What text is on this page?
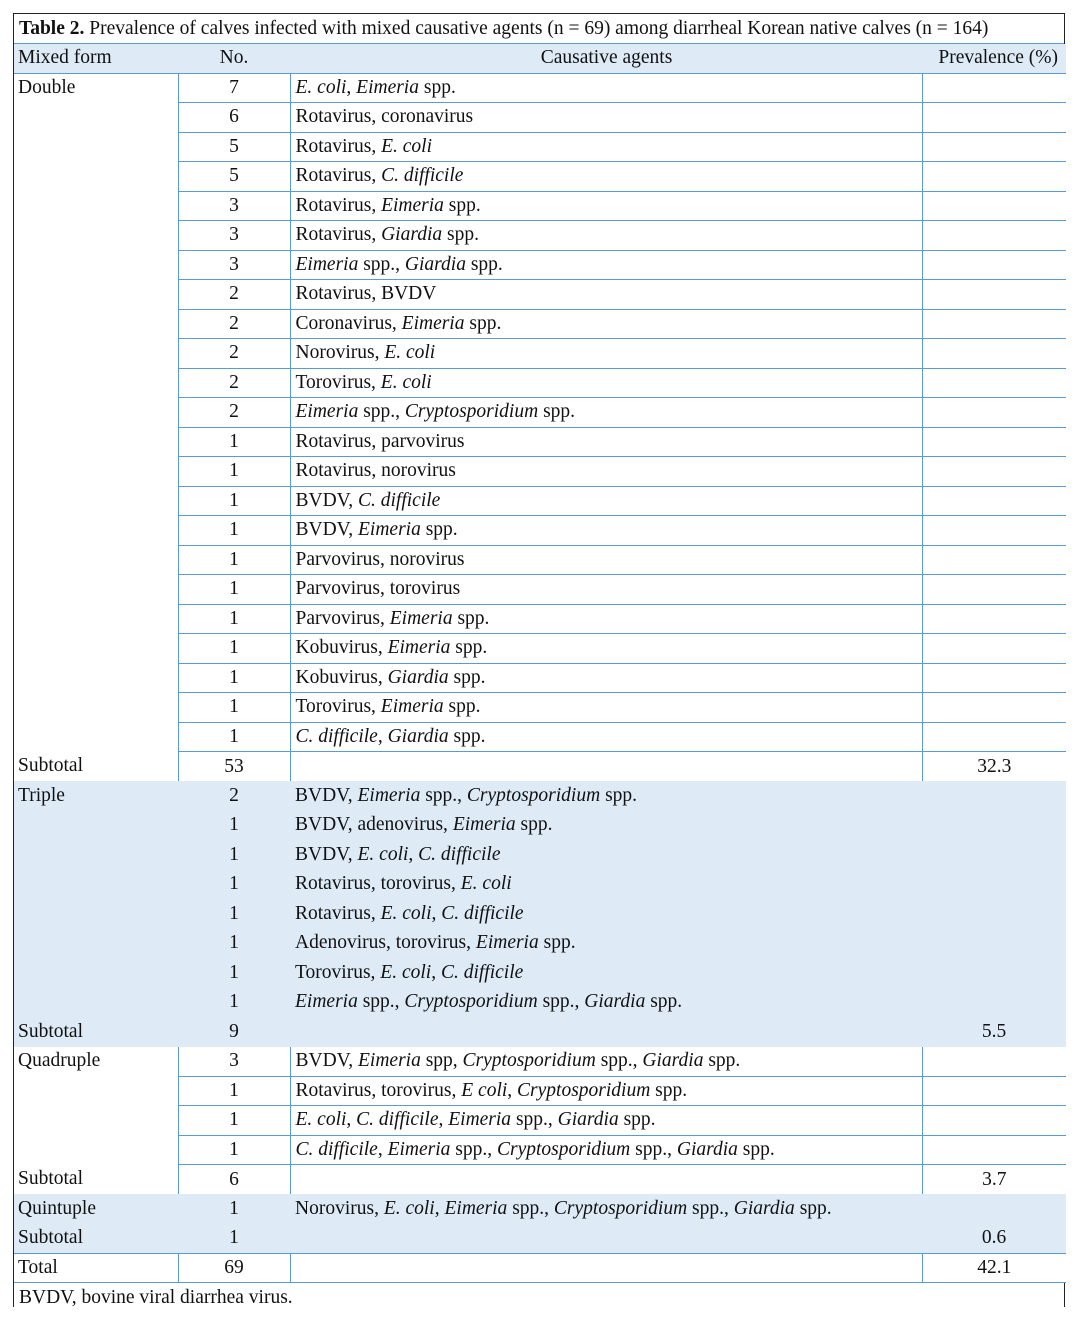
Table 2. Prevalence of calves infected with mixed causative agents (n = 69) among diarrheal Korean native calves (n = 164)
Mixed form	No.	Causative agents	Prevalence (%)
Double	7	E. coli, Eimeria spp.	
	6	Rotavirus, coronavirus	
	5	Rotavirus, E. coli	
	5	Rotavirus, C. difficile	
	3	Rotavirus, Eimeria spp.	
	3	Rotavirus, Giardia spp.	
	3	Eimeria spp., Giardia spp.	
	2	Rotavirus, BVDV	
	2	Coronavirus, Eimeria spp.	
	2	Norovirus, E. coli	
	2	Torovirus, E. coli	
	2	Eimeria spp., Cryptosporidium spp.	
	1	Rotavirus, parvovirus	
	1	Rotavirus, norovirus	
	1	BVDV, C. difficile	
	1	BVDV, Eimeria spp.	
	1	Parvovirus, norovirus	
	1	Parvovirus, torovirus	
	1	Parvovirus, Eimeria spp.	
	1	Kobuvirus, Eimeria spp.	
	1	Kobuvirus, Giardia spp.	
	1	Torovirus, Eimeria spp.	
	1	C. difficile, Giardia spp.	
Subtotal	53		32.3
Triple	2	BVDV, Eimeria spp., Cryptosporidium spp.	
	1	BVDV, adenovirus, Eimeria spp.	
	1	BVDV, E. coli, C. difficile	
	1	Rotavirus, torovirus, E. coli	
	1	Rotavirus, E. coli, C. difficile	
	1	Adenovirus, torovirus, Eimeria spp.	
	1	Torovirus, E. coli, C. difficile	
	1	Eimeria spp., Cryptosporidium spp., Giardia spp.	
Subtotal	9		5.5
Quadruple	3	BVDV, Eimeria spp, Cryptosporidium spp., Giardia spp.	
	1	Rotavirus, torovirus, E coli, Cryptosporidium spp.	
	1	E. coli, C. difficile, Eimeria spp., Giardia spp.	
	1	C. difficile, Eimeria spp., Cryptosporidium spp., Giardia spp.	
Subtotal	6		3.7
Quintuple	1	Norovirus, E. coli, Eimeria spp., Cryptosporidium spp., Giardia spp.	
Subtotal	1		0.6
Total	69		42.1
BVDV, bovine viral diarrhea virus.
